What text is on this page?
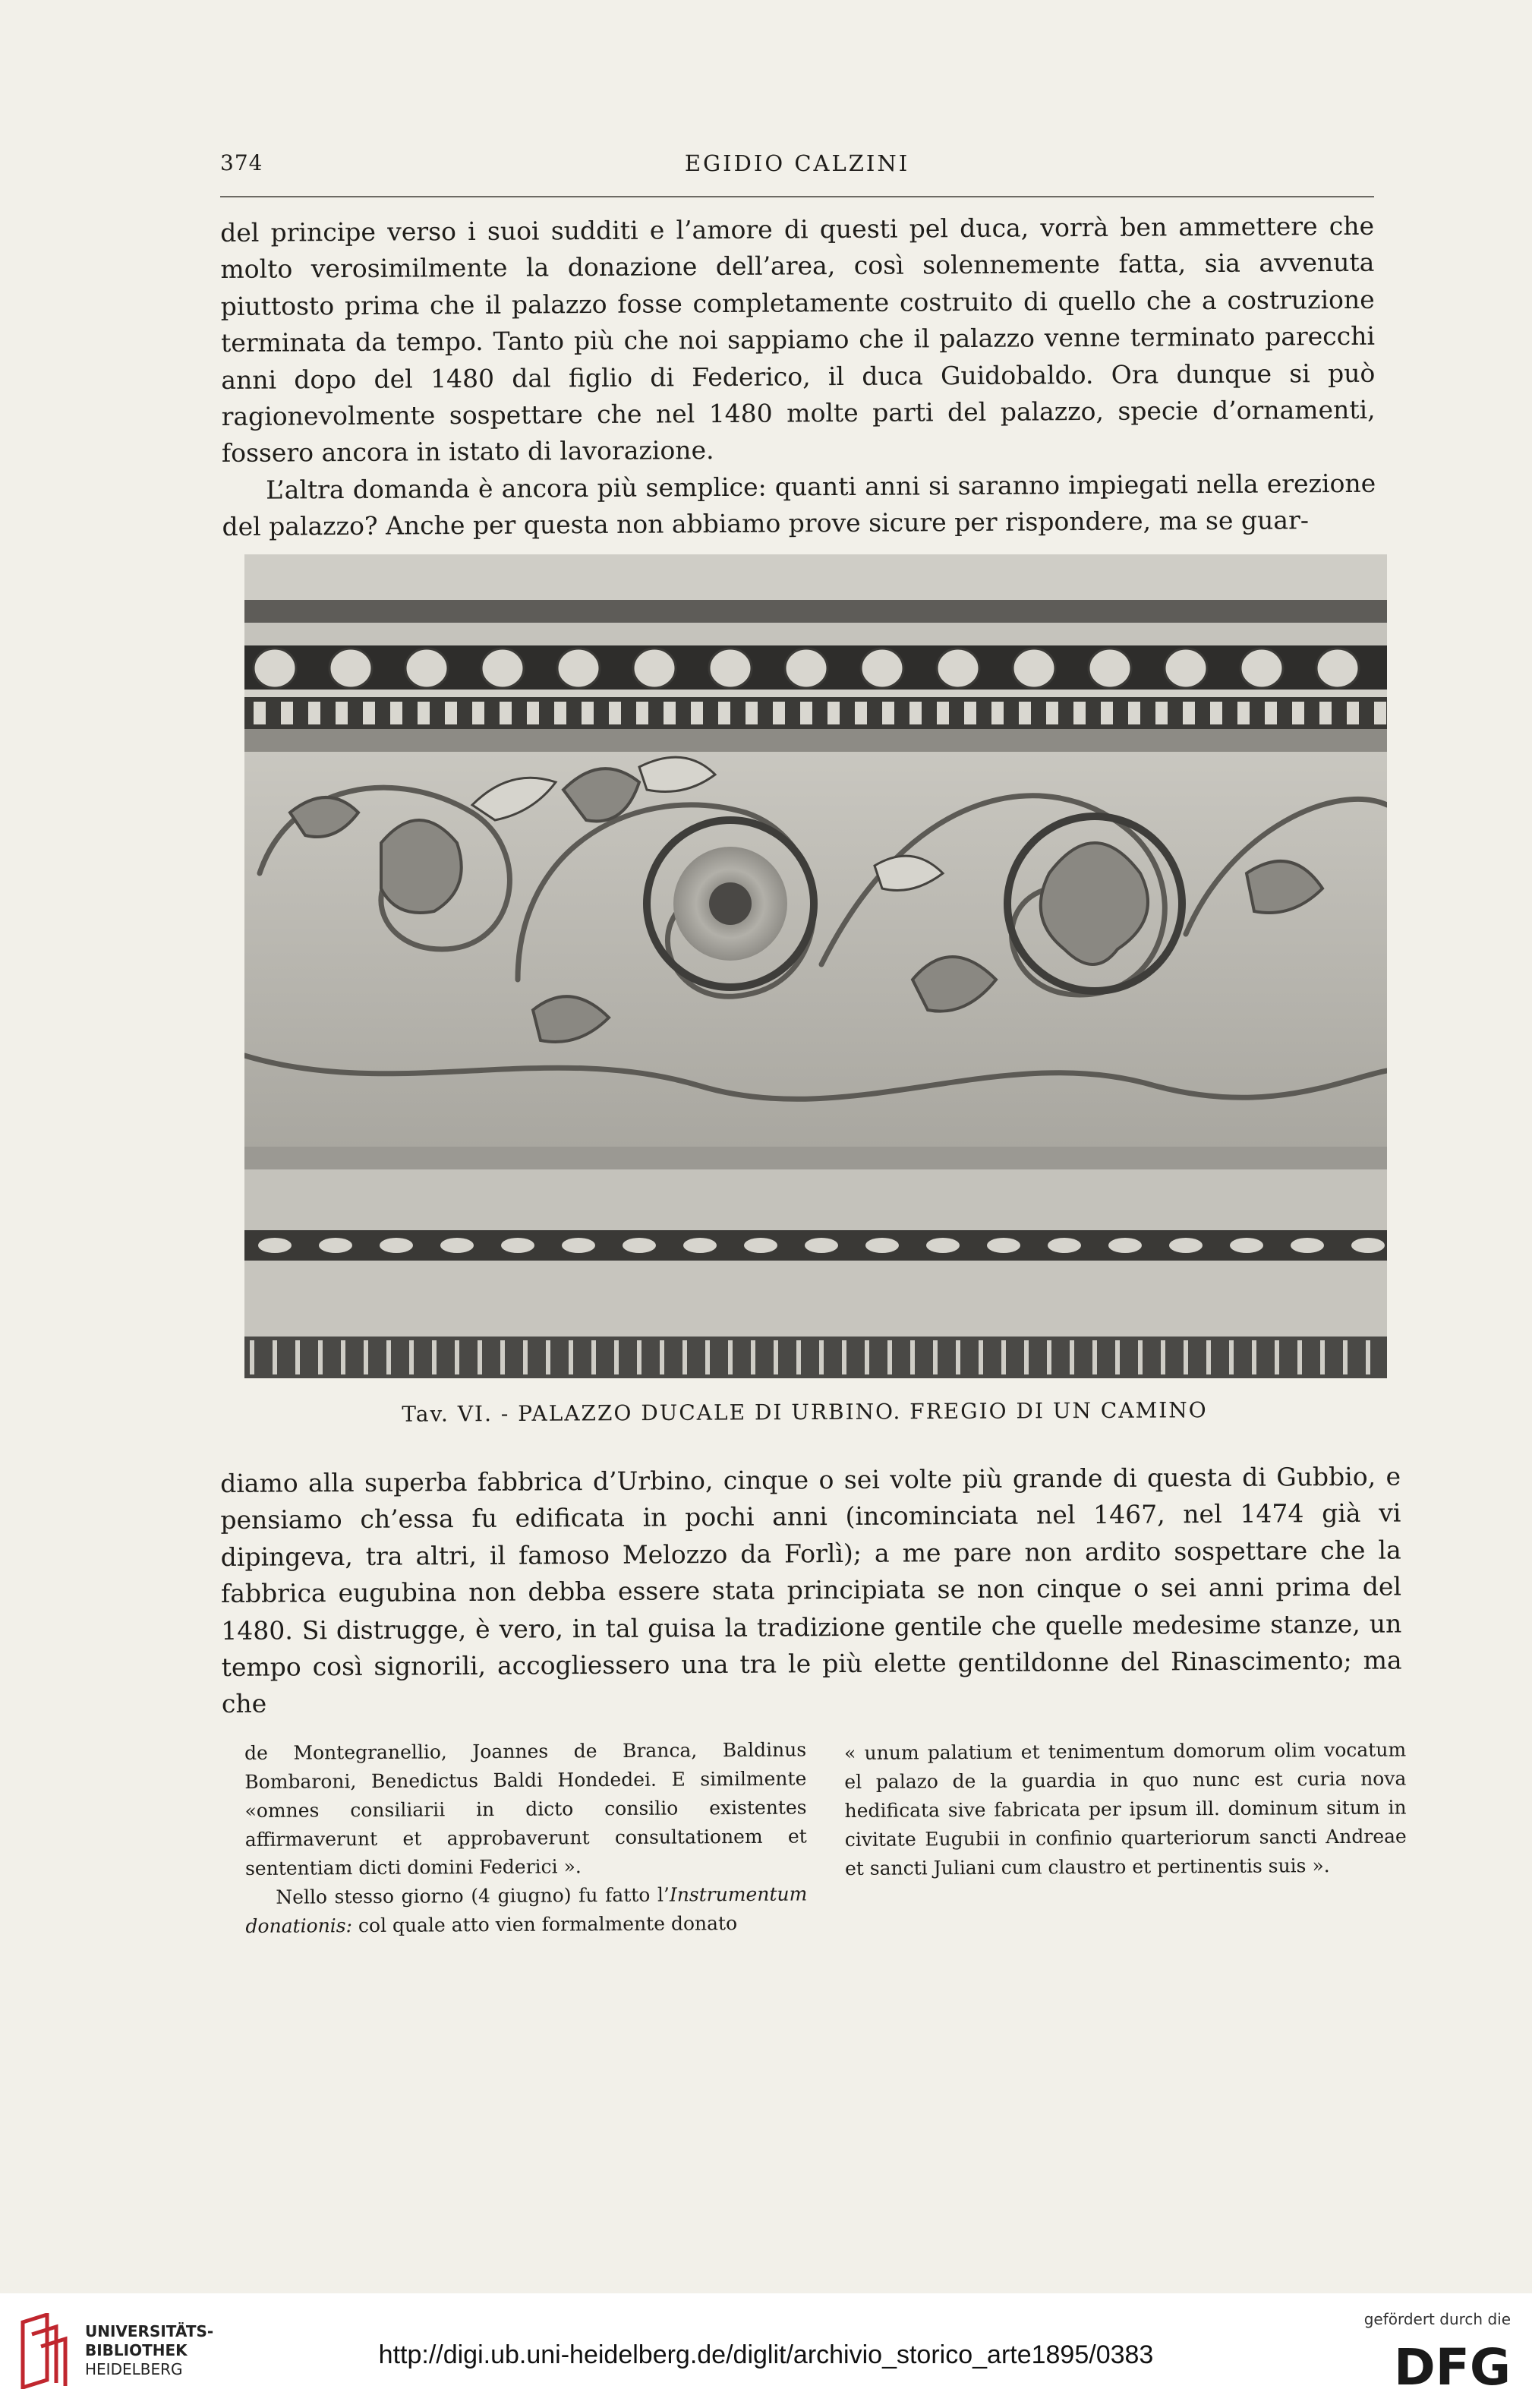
374	EGIDIO CALZINI

del principe verso i suoi sudditi e l’amore di questi pel duca, vorrà ben ammettere che molto verosimilmente la donazione dell’area, così solennemente fatta, sia avvenuta piuttosto prima che il palazzo fosse completamente costruito di quello che a costruzione terminata da tempo. Tanto più che noi sappiamo che il palazzo venne terminato parecchi anni dopo del 1480 dal figlio di Federico, il duca Guidobaldo. Ora dunque si può ragionevolmente sospettare che nel 1480 molte parti del palazzo, specie d’ornamenti, fossero ancora in istato di lavorazione.

L’altra domanda è ancora più semplice: quanti anni si saranno impiegati nella erezione del palazzo? Anche per questa non abbiamo prove sicure per rispondere, ma se guar-

Tav. VI. - PALAZZO DUCALE DI URBINO. FREGIO DI UN CAMINO

diamo alla superba fabbrica d’Urbino, cinque o sei volte più grande di questa di Gubbio, e pensiamo ch’essa fu edificata in pochi anni (incominciata nel 1467, nel 1474 già vi dipingeva, tra altri, il famoso Melozzo da Forlì); a me pare non ardito sospettare che la fabbrica eugubina non debba essere stata principiata se non cinque o sei anni prima del 1480. Si distrugge, è vero, in tal guisa la tradizione gentile che quelle medesime stanze, un tempo così signorili, accogliessero una tra le più elette gentildonne del Rinascimento; ma che

de Montegranellio, Joannes de Branca, Baldinus Bombaroni, Benedictus Baldi Hondedei. E similmente «omnes consiliarii in dicto consilio existentes affirmaverunt et approbaverunt consultationem et sententiam dicti domini Federici ».

Nello stesso giorno (4 giugno) fu fatto l’Instrumentum donationis: col quale atto vien formalmente donato

« unum palatium et tenimentum domorum olim vocatum el palazo de la guardia in quo nunc est curia nova hedificata sive fabricata per ipsum ill. dominum situm in civitate Eugubii in confinio quarteriorum sancti Andreae et sancti Juliani cum claustro et pertinentis suis ».

UNIVERSITÄTS-
BIBLIOTHEK
HEIDELBERG	http://digi.ub.uni-heidelberg.de/diglit/archivio_storico_arte1895/0383
gefördert durch die
DFG
